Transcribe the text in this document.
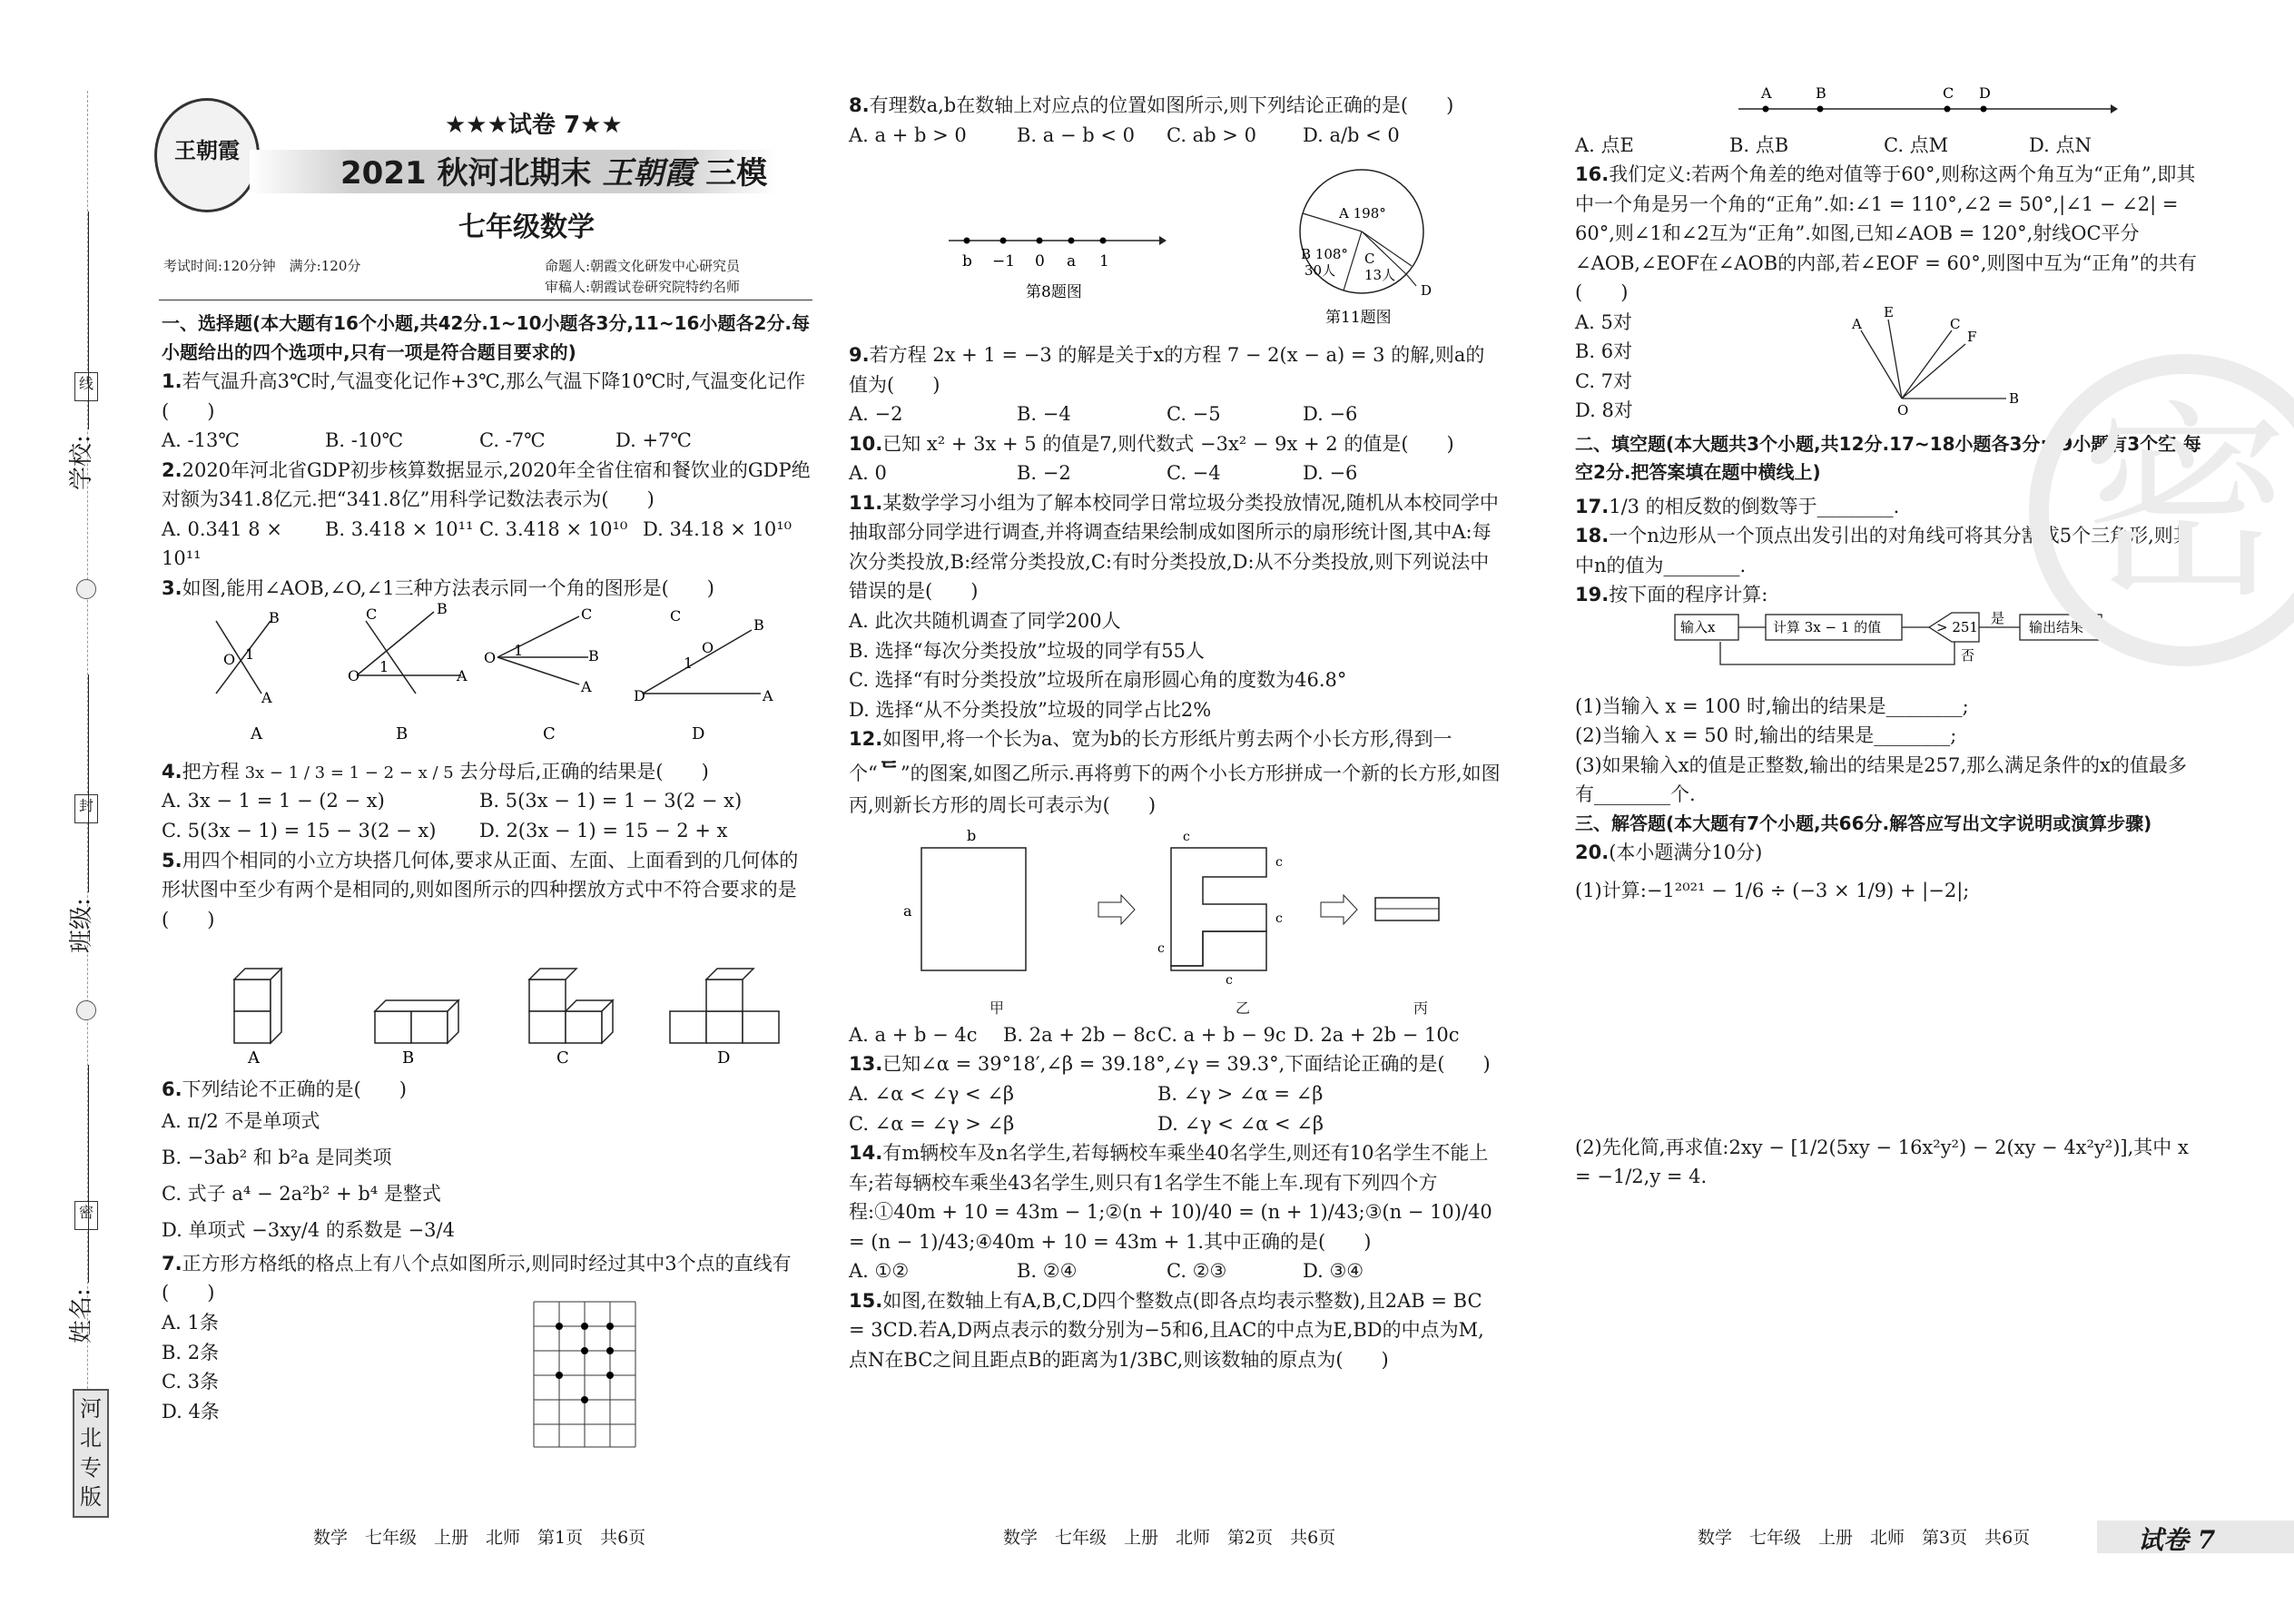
线
封
密
学校:
班级:
姓名:
河
北
专
版
王朝霞
★★★试卷 7★★
2021 秋河北期末 王朝霞 三模
七年级数学
考试时间:120分钟　满分:120分	命题人:朝霞文化研发中心研究员
审稿人:朝霞试卷研究院特约名师

一、选择题(本大题有16个小题,共42分.1~10小题各3分,11~16小题各2分.每小题给出的四个选项中,只有一项是符合题目要求的)

1.若气温升高3℃时,气温变化记作+3℃,那么气温下降10℃时,气温变化记作(　　)

A. -13℃	B. -10℃	C. -7℃	D. +7℃

2.2020年河北省GDP初步核算数据显示,2020年全省住宿和餐饮业的GDP绝对额为341.8亿元.把“341.8亿”用科学记数法表示为(　　)

A. 0.341 8 × 10¹¹
B. 3.418 × 10¹¹ C. 3.418 × 10¹⁰ D. 34.18 × 10¹⁰

3.如图,能用∠AOB,∠O,∠1三种方法表示同一个角的图形是(　　)

B
O 1
A
C	B
O
1
A
C
O 1	B
A
C
O
1
B
D	A
A	B	C	D

4.把方程 3x − 1 / 3 = 1 − 2 − x / 5 去分母后,正确的结果是(　　)

A. 3x − 1 = 1 − (2 − x)	B. 5(3x − 1) = 1 − 3(2 − x)
C. 5(3x − 1) = 15 − 3(2 − x)	D. 2(3x − 1) = 15 − 2 + x

5.用四个相同的小立方块搭几何体,要求从正面、左面、上面看到的几何体的形状图中至少有两个是相同的,则如图所示的四种摆放方式中不符合要求的是(　　)

A	B	C	D

6.下列结论不正确的是(　　)

A. π/2 不是单项式

B. −3ab² 和 b²a 是同类项

C. 式子 a⁴ − 2a²b² + b⁴ 是整式

D. 单项式 −3xy/4 的系数是 −3/4

7.正方形方格纸的格点上有八个点如图所示,则同时经过其中3个点的直线有(　　)

A. 1条
B. 2条
C. 3条
D. 4条
数学　七年级　上册　北师　第1页　共6页

8.有理数a,b在数轴上对应点的位置如图所示,则下列结论正确的是(　　)

A. a + b > 0	B. a − b < 0	C. ab > 0	D. a/b < 0
b −1 0 a 1
第8题图
A 198°
B 108°
30人
C
13人
D
第11题图

9.若方程 2x + 1 = −3 的解是关于x的方程 7 − 2(x − a) = 3 的解,则a的值为(　　)

A. −2	B. −4	C. −5	D. −6

10.已知 x² + 3x + 5 的值是7,则代数式 −3x² − 9x + 2 的值是(　　)

A. 0	B. −2	C. −4	D. −6

11.某数学学习小组为了解本校同学日常垃圾分类投放情况,随机从本校同学中抽取部分同学进行调查,并将调查结果绘制成如图所示的扇形统计图,其中A:每次分类投放,B:经常分类投放,C:有时分类投放,D:从不分类投放,则下列说法中错误的是(　　)

A. 此次共随机调查了同学200人

B. 选择“每次分类投放”垃圾的同学有55人

C. 选择“有时分类投放”垃圾所在扇形圆心角的度数为46.8°

D. 选择“从不分类投放”垃圾的同学占比2%

12.如图甲,将一个长为a、宽为b的长方形纸片剪去两个小长方形,得到一个“ᄃ”的图案,如图乙所示.再将剪下的两个小长方形拼成一个新的长方形,如图丙,则新长方形的周长可表示为(　　)

b
a
c
c
c
c
c
甲	乙	丙
A. a + b − 4c	B. 2a + 2b − 8c C. a + b − 9c D. 2a + 2b − 10c

13.已知∠α = 39°18′,∠β = 39.18°,∠γ = 39.3°,下面结论正确的是(　　)

A. ∠α < ∠γ < ∠β	B. ∠γ > ∠α = ∠β
C. ∠α = ∠γ > ∠β	D. ∠γ < ∠α < ∠β

14.有m辆校车及n名学生,若每辆校车乘坐40名学生,则还有10名学生不能上车;若每辆校车乘坐43名学生,则只有1名学生不能上车.现有下列四个方程:①40m + 10 = 43m − 1;②(n + 10)/40 = (n + 1)/43;③(n − 10)/40 = (n − 1)/43;④40m + 10 = 43m + 1.其中正确的是(　　)

A. ①②	B. ②④	C. ②③	D. ③④

15.如图,在数轴上有A,B,C,D四个整数点(即各点均表示整数),且2AB = BC = 3CD.若A,D两点表示的数分别为−5和6,且AC的中点为E,BD的中点为M,点N在BC之间且距点B的距离为1/3BC,则该数轴的原点为(　　)

数学　七年级　上册　北师　第2页　共6页
A	B	C D
A. 点E	B. 点B	C. 点M	D. 点N

16.我们定义:若两个角差的绝对值等于60°,则称这两个角互为“正角”,即其中一个角是另一个角的“正角”.如:∠1 = 110°,∠2 = 50°,|∠1 − ∠2| = 60°,则∠1和∠2互为“正角”.如图,已知∠AOB = 120°,射线OC平分∠AOB,∠EOF在∠AOB的内部,若∠EOF = 60°,则图中互为“正角”的共有(　　)

A. 5对
B. 6对
C. 7对
D. 8对
A
E
C
F
O
B

二、填空题(本大题共3个小题,共12分.17~18小题各3分;19小题有3个空,每空2分.把答案填在题中横线上)

17.1/3 的相反数的倒数等于________.

18.一个n边形从一个顶点出发引出的对角线可将其分割成5个三角形,则其中n的值为________.

19.按下面的程序计算:

输入x	计算 3x − 1 的值	> 251
是
输出结果
否

(1)当输入 x = 100 时,输出的结果是________;

(2)当输入 x = 50 时,输出的结果是________;

(3)如果输入x的值是正整数,输出的结果是257,那么满足条件的x的值最多有________个.

三、解答题(本大题有7个小题,共66分.解答应写出文字说明或演算步骤)

20.(本小题满分10分)

(1)计算:−1²⁰²¹ − 1/6 ÷ (−3 × 1/9) + |−2|;

(2)先化简,再求值:2xy − [1/2(5xy − 16x²y²) − 2(xy − 4x²y²)],其中 x = −1/2,y = 4.

密
数学　七年级　上册　北师　第3页　共6页	试卷 7
